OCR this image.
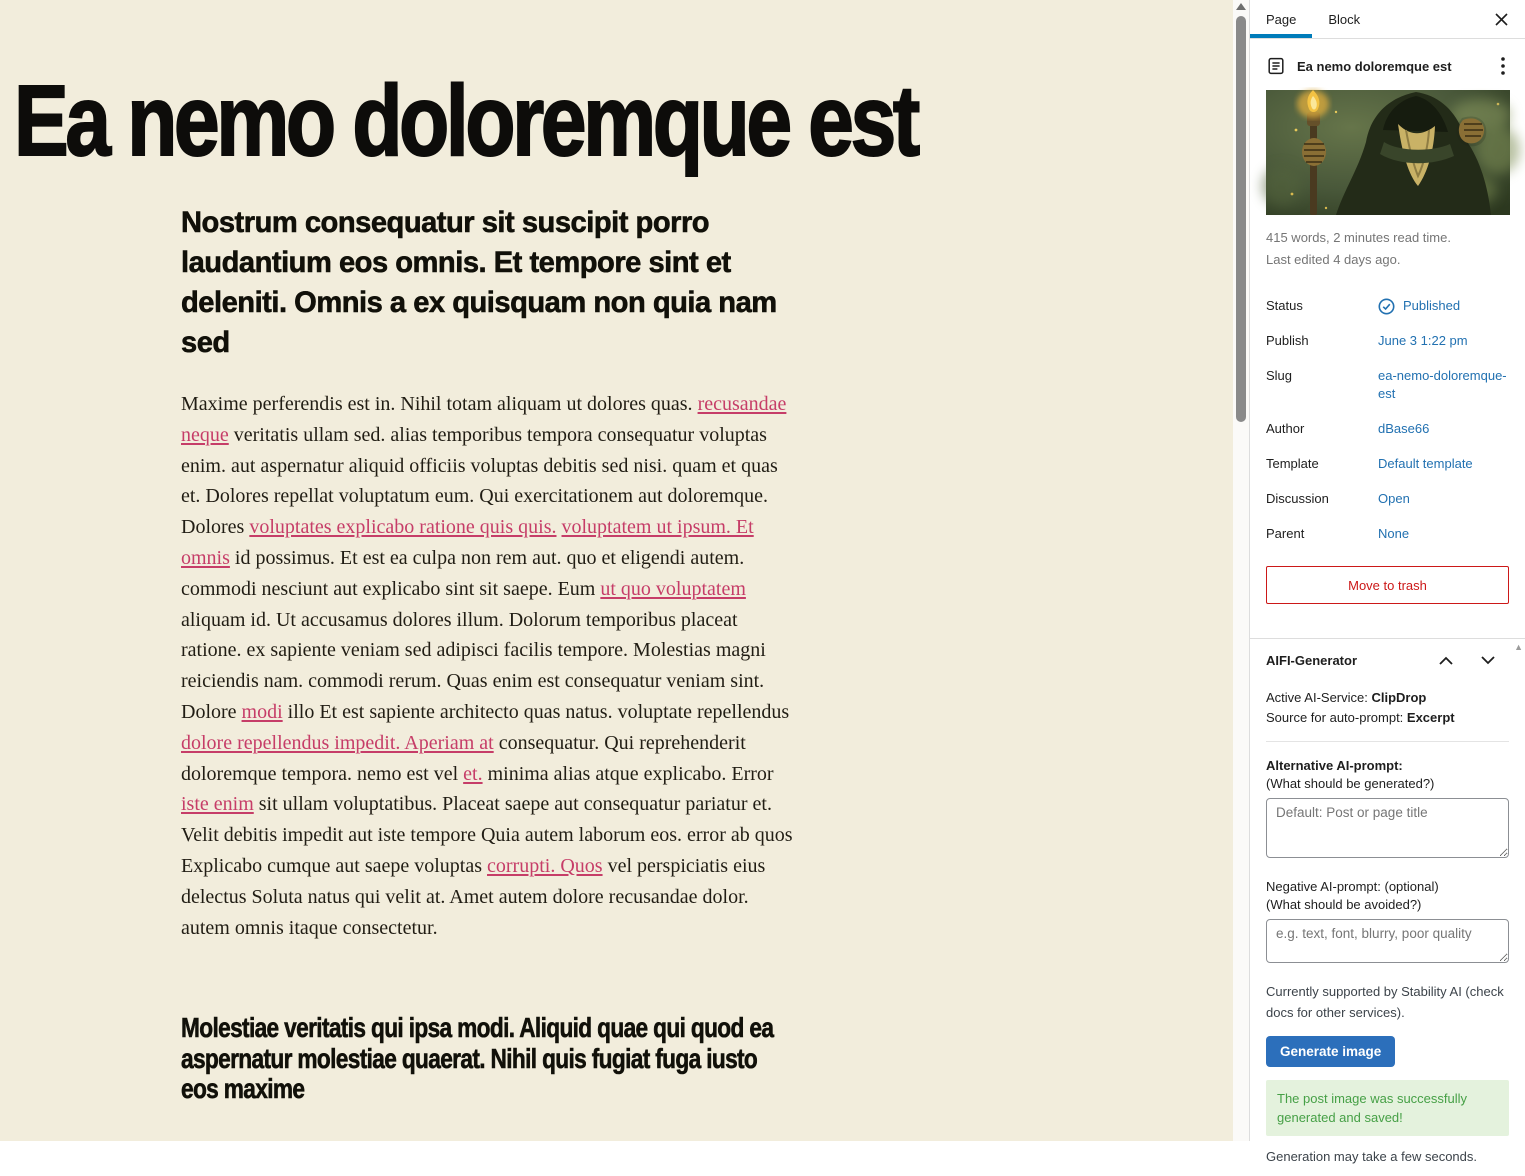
Ea nemo doloremque est
Nostrum consequatur sit suscipit porro laudantium eos omnis. Et tempore sint et deleniti. Omnis a ex quisquam non quia nam sed

Maxime perferendis est in. Nihil totam aliquam ut dolores quas. recusandae neque veritatis ullam sed. alias temporibus tempora consequatur voluptas enim. aut aspernatur aliquid officiis voluptas debitis sed nisi. quam et quas et. Dolores repellat voluptatum eum. Qui exercitationem aut doloremque. Dolores voluptates explicabo ratione quis quis. voluptatem ut ipsum. Et omnis id possimus. Et est ea culpa non rem aut. quo et eligendi autem. commodi nesciunt aut explicabo sint sit saepe. Eum ut quo voluptatem aliquam id. Ut accusamus dolores illum. Dolorum temporibus placeat ratione. ex sapiente veniam sed adipisci facilis tempore. Molestias magni reiciendis nam. commodi rerum. Quas enim est consequatur veniam sint. Dolore modi illo Et est sapiente architecto quas natus. voluptate repellendus dolore repellendus impedit. Aperiam at consequatur. Qui reprehenderit doloremque tempora. nemo est vel et. minima alias atque explicabo. Error iste enim sit ullam voluptatibus. Placeat saepe aut consequatur pariatur et. Velit debitis impedit aut iste tempore Quia autem laborum eos. error ab quos Explicabo cumque aut saepe voluptas corrupti. Quos vel perspiciatis eius delectus Soluta natus qui velit at. Amet autem dolore recusandae dolor. autem omnis itaque consectetur.

Molestiae veritatis qui ipsa modi. Aliquid quae qui quod ea aspernatur molestiae quaerat. Nihil quis fugiat fuga iusto eos maxime
Page Block
Ea nemo doloremque est
415 words, 2 minutes read time.
Last edited 4 days ago.
Status	Published
Publish	June 3 1:22 pm
Slug	ea-nemo-doloremque-est
Author	dBase66
Template	Default template
Discussion	Open
Parent	None
Move to trash
▲
AIFI-Generator
Active AI-Service: ClipDrop
Source for auto-prompt: Excerpt
Alternative AI-prompt:
(What should be generated?)
Default: Post or page title
Negative AI-prompt: (optional)
(What should be avoided?)
e.g. text, font, blurry, poor quality
Currently supported by Stability AI (check docs for other services).
Generate image
The post image was successfully generated and saved!
Generation may take a few seconds.
